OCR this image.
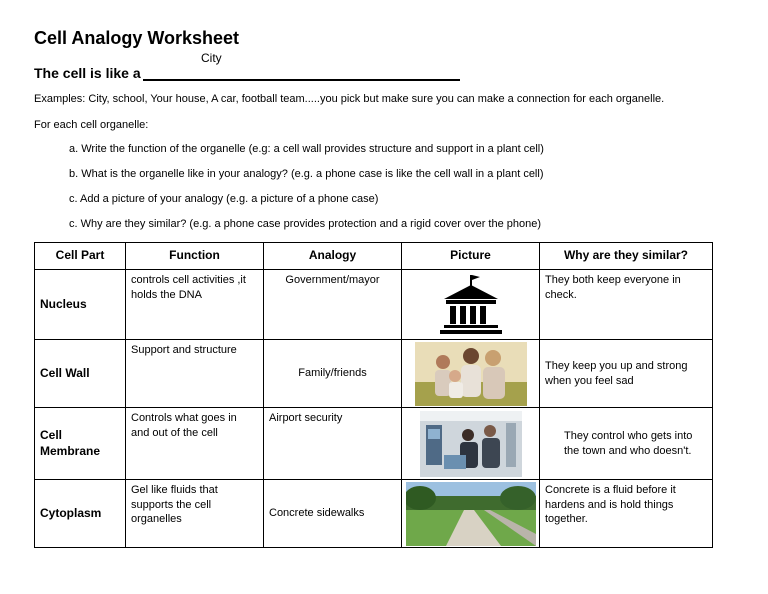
Cell Analogy Worksheet
City
The cell is like a
Examples: City, school, Your house, A car, football team.....you pick but make sure you can make a connection for each organelle.
For each cell organelle:
a. Write the function of the organelle (e.g: a cell wall provides structure and support in a plant cell)
b. What is the organelle like in your analogy? (e.g. a phone case is like the cell wall in a plant cell)
c. Add a picture of your analogy (e.g. a picture of a phone case)
c. Why are they similar? (e.g. a phone case provides protection and a rigid cover over the phone)
Cell Part	Function	Analogy	Picture	Why are they similar?
Nucleus	controls cell activities ,it holds the DNA	Government/mayor		They both keep everyone in check.
Cell Wall	Support and structure	Family/friends		They keep you up and strong when you feel sad
Cell Membrane	Controls what goes in and out of the cell	Airport security		They control who gets into the town and who doesn't.
Cytoplasm	Gel like fluids that supports the cell organelles	Concrete sidewalks		Concrete is a fluid before it hardens and is hold things together.
